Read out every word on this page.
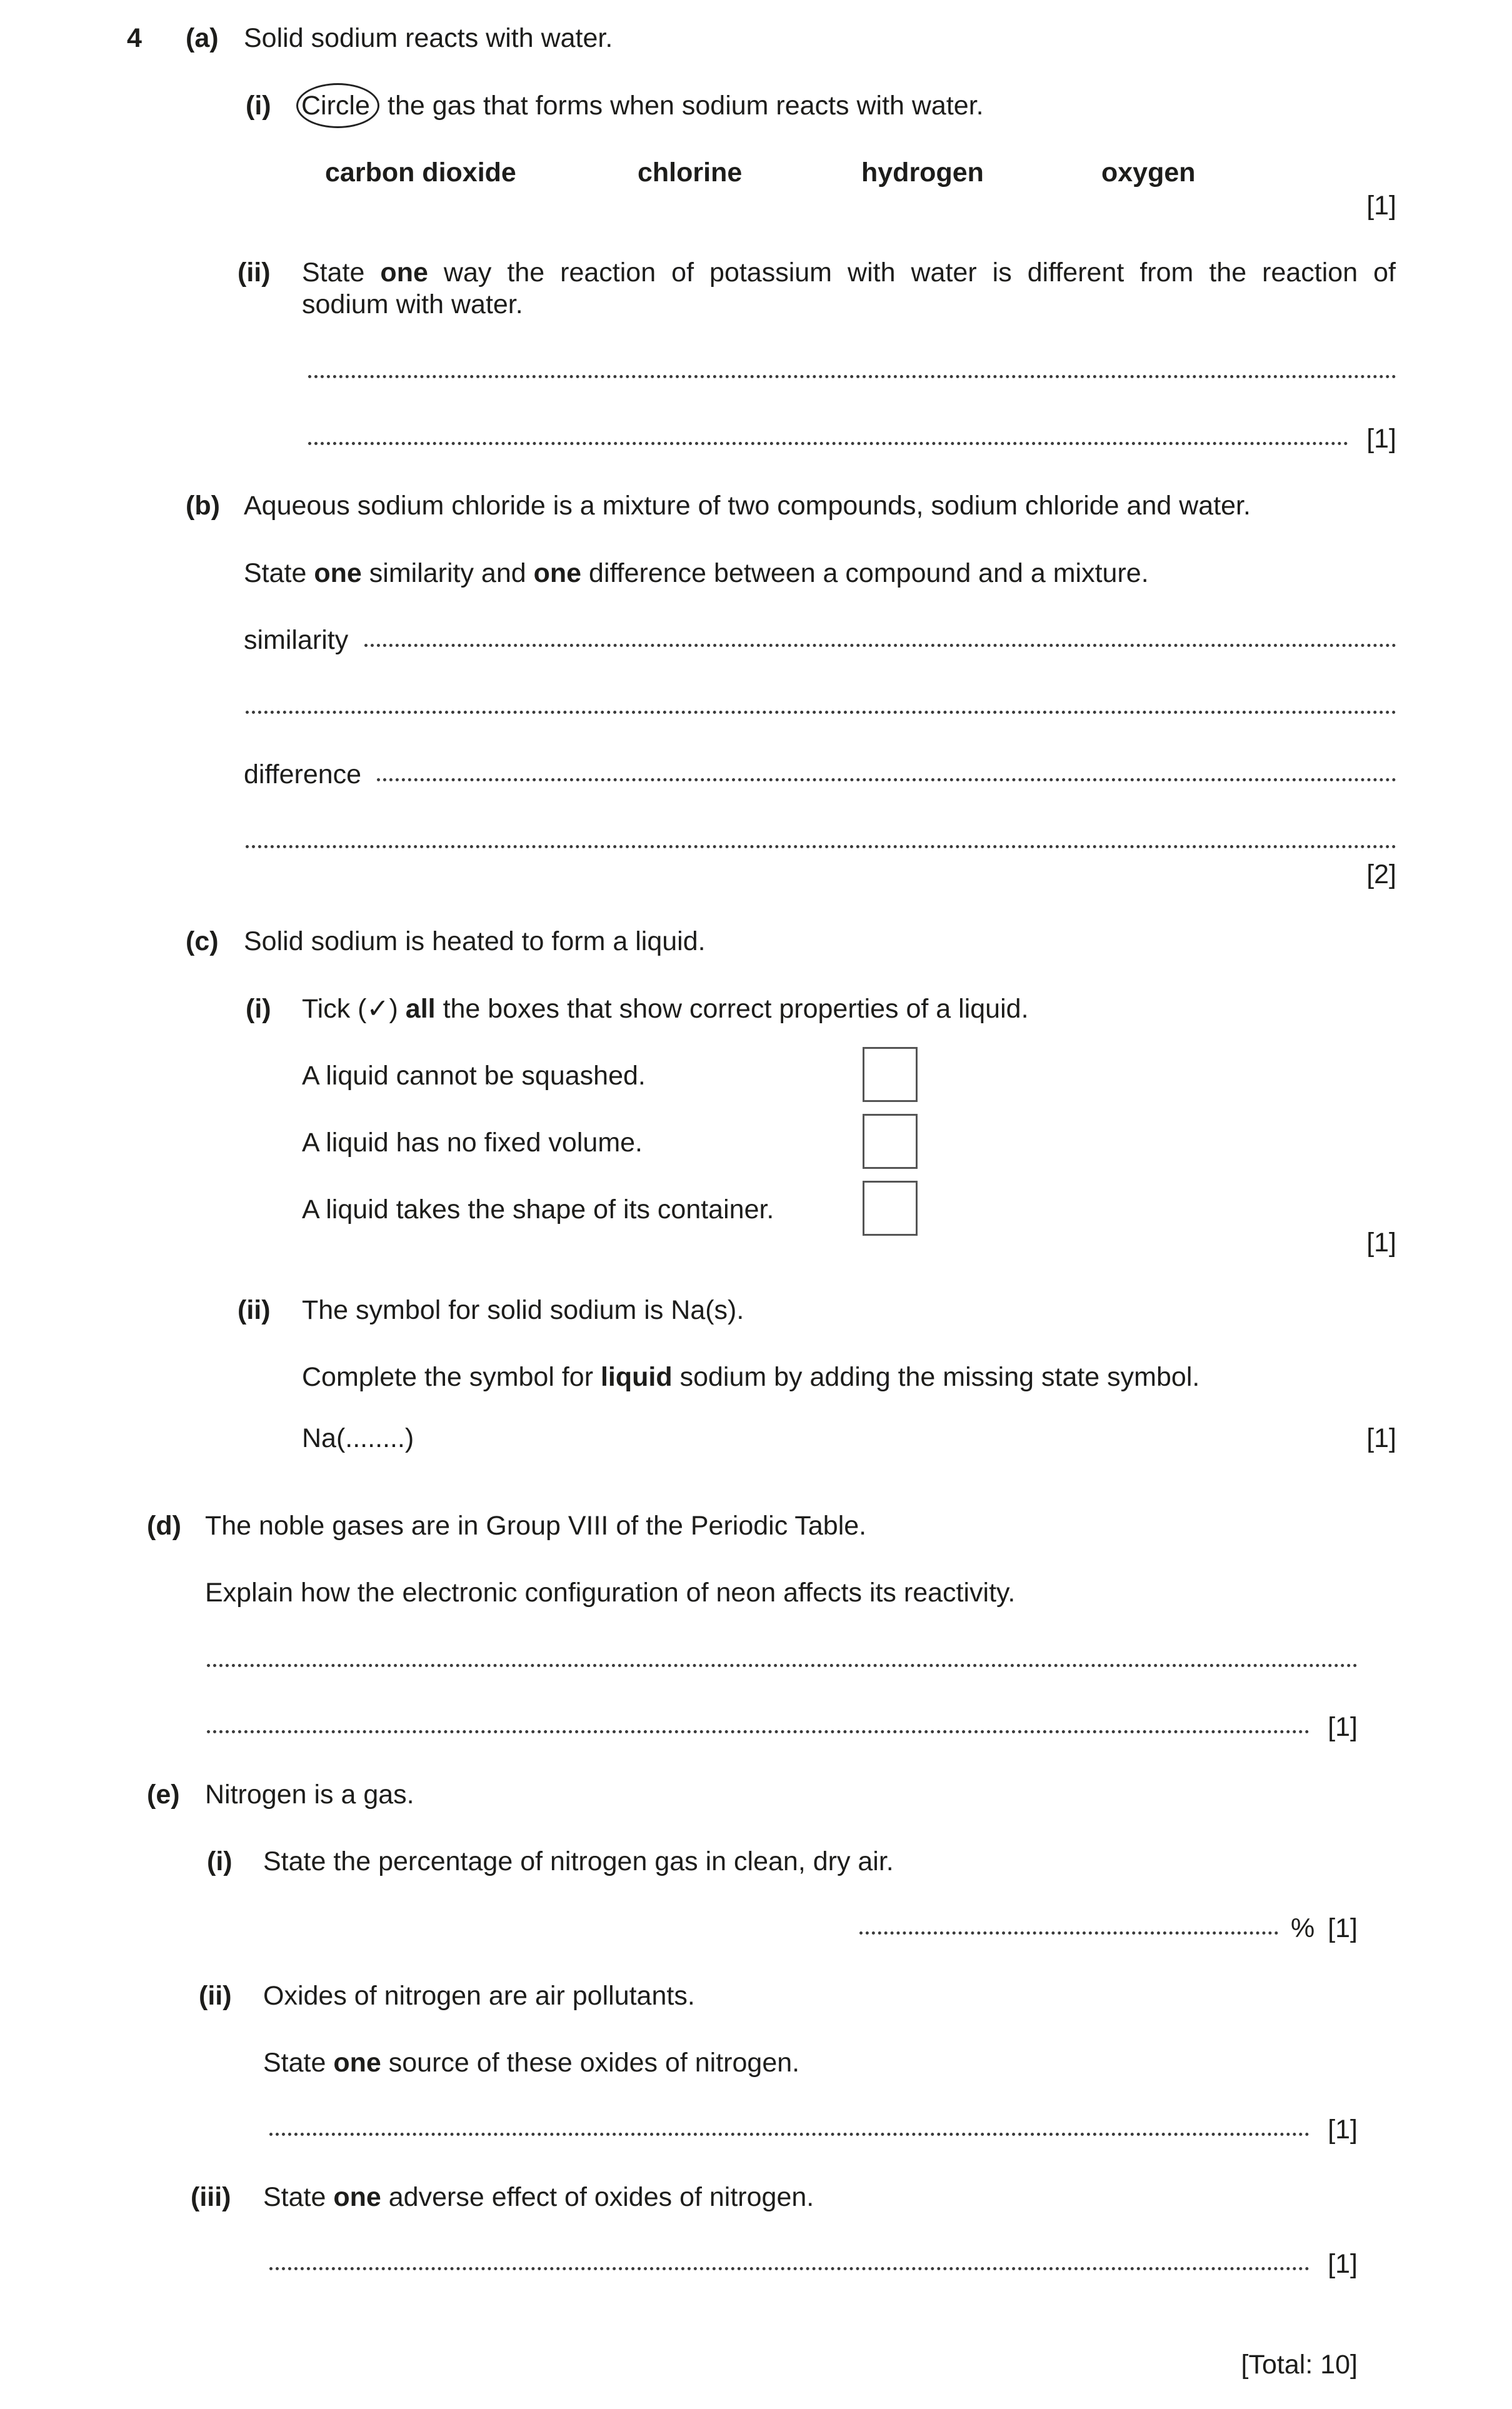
4 (a) Solid sodium reacts with water.
(i) Circle the gas that forms when sodium reacts with water.
carbon dioxide	chlorine	hydrogen	oxygen
[1]
(ii) State one way the reaction of potassium with water is different from the reaction of
sodium with water.
[1]
(b) Aqueous sodium chloride is a mixture of two compounds, sodium chloride and water.
State one similarity and one difference between a compound and a mixture.
similarity
difference
[2]
(c) Solid sodium is heated to form a liquid.
(i) Tick (✓) all the boxes that show correct properties of a liquid.
A liquid cannot be squashed.
A liquid has no fixed volume.
A liquid takes the shape of its container.
[1]
(ii) The symbol for solid sodium is Na(s).
Complete the symbol for liquid sodium by adding the missing state symbol.
Na(........)	[1]
(d) The noble gases are in Group VIII of the Periodic Table.
Explain how the electronic configuration of neon affects its reactivity.
[1]
(e) Nitrogen is a gas.
(i) State the percentage of nitrogen gas in clean, dry air.
% [1]
(ii) Oxides of nitrogen are air pollutants.
State one source of these oxides of nitrogen.
[1]
(iii) State one adverse effect of oxides of nitrogen.
[1]
[Total: 10]
